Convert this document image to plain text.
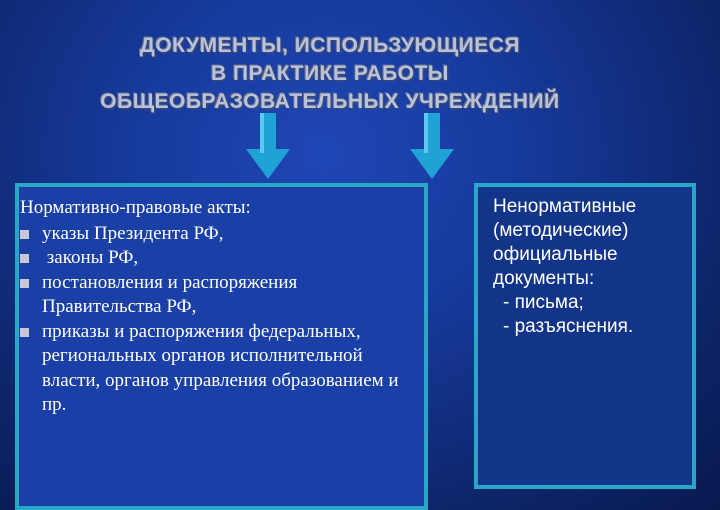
ДОКУМЕНТЫ, ИСПОЛЬЗУЮЩИЕСЯ
В ПРАКТИКЕ РАБОТЫ
ОБЩЕОБРАЗОВАТЕЛЬНЫХ УЧРЕЖДЕНИЙ
Нормативно-правовые акты:
указы Президента РФ,
законы РФ,
постановления и распоряжения Правительства РФ,
приказы и распоряжения федеральных, региональных органов исполнительной власти, органов управления образованием и пр.
Ненормативные
(методические)
официальные
документы:
- письма;
- разъяснения.
